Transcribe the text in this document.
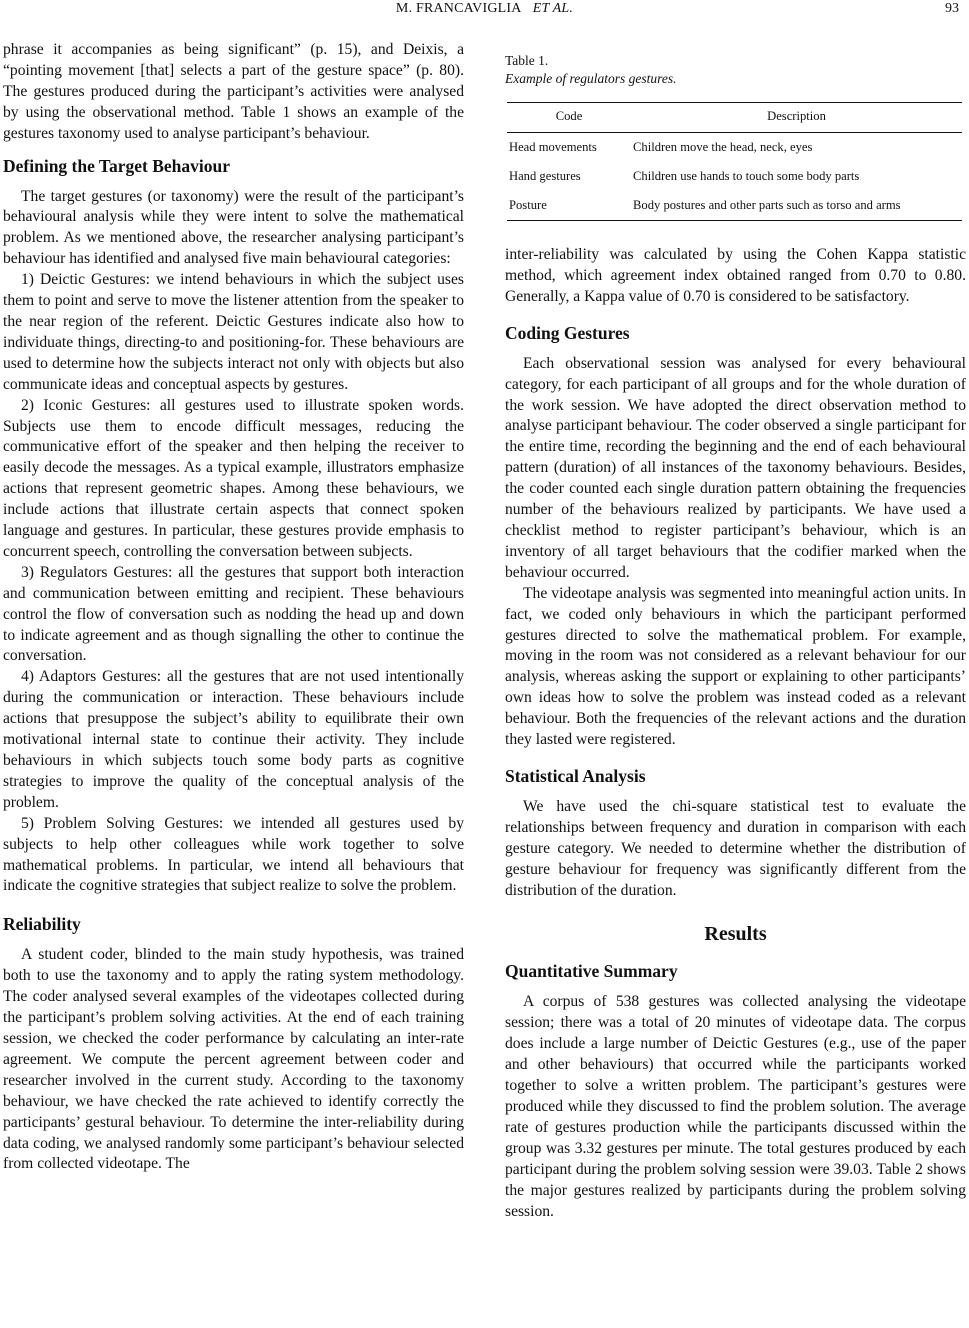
M. FRANCAVIGLIA ET AL.	93

phrase it accompanies as being significant” (p. 15), and Deixis, a “pointing movement [that] selects a part of the gesture space” (p. 80). The gestures produced during the participant’s activities were analysed by using the observational method. Table 1 shows an example of the gestures taxonomy used to analyse participant’s behaviour.

Defining the Target Behaviour

The target gestures (or taxonomy) were the result of the participant’s behavioural analysis while they were intent to solve the mathematical problem. As we mentioned above, the researcher analysing participant’s behaviour has identified and analysed five main behavioural categories:

1) Deictic Gestures: we intend behaviours in which the subject uses them to point and serve to move the listener attention from the speaker to the near region of the referent. Deictic Gestures indicate also how to individuate things, directing-to and positioning-for. These behaviours are used to determine how the subjects interact not only with objects but also communicate ideas and conceptual aspects by gestures.

2) Iconic Gestures: all gestures used to illustrate spoken words. Subjects use them to encode difficult messages, reducing the communicative effort of the speaker and then helping the receiver to easily decode the messages. As a typical example, illustrators emphasize actions that represent geometric shapes. Among these behaviours, we include actions that illustrate certain aspects that connect spoken language and gestures. In particular, these gestures provide emphasis to concurrent speech, controlling the conversation between subjects.

3) Regulators Gestures: all the gestures that support both interaction and communication between emitting and recipient. These behaviours control the flow of conversation such as nodding the head up and down to indicate agreement and as though signalling the other to continue the conversation.

4) Adaptors Gestures: all the gestures that are not used intentionally during the communication or interaction. These behaviours include actions that presuppose the subject’s ability to equilibrate their own motivational internal state to continue their activity. They include behaviours in which subjects touch some body parts as cognitive strategies to improve the quality of the conceptual analysis of the problem.

5) Problem Solving Gestures: we intended all gestures used by subjects to help other colleagues while work together to solve mathematical problems. In particular, we intend all behaviours that indicate the cognitive strategies that subject realize to solve the problem.

Reliability

A student coder, blinded to the main study hypothesis, was trained both to use the taxonomy and to apply the rating system methodology. The coder analysed several examples of the videotapes collected during the participant’s problem solving activities. At the end of each training session, we checked the coder performance by calculating an inter-rate agreement. We compute the percent agreement between coder and researcher involved in the current study. According to the taxonomy behaviour, we have checked the rate achieved to identify correctly the participants’ gestural behaviour. To determine the inter-reliability during data coding, we analysed randomly some participant’s behaviour selected from collected videotape. The

Table 1.
Example of regulators gestures.
Code	Description
Head movements	Children move the head, neck, eyes
Hand gestures	Children use hands to touch some body parts
Posture	Body postures and other parts such as torso and arms

inter-reliability was calculated by using the Cohen Kappa statistic method, which agreement index obtained ranged from 0.70 to 0.80. Generally, a Kappa value of 0.70 is considered to be satisfactory.

Coding Gestures

Each observational session was analysed for every behavioural category, for each participant of all groups and for the whole duration of the work session. We have adopted the direct observation method to analyse participant behaviour. The coder observed a single participant for the entire time, recording the beginning and the end of each behavioural pattern (duration) of all instances of the taxonomy behaviours. Besides, the coder counted each single duration pattern obtaining the frequencies number of the behaviours realized by participants. We have used a checklist method to register participant’s behaviour, which is an inventory of all target behaviours that the codifier marked when the behaviour occurred.

The videotape analysis was segmented into meaningful action units. In fact, we coded only behaviours in which the participant performed gestures directed to solve the mathematical problem. For example, moving in the room was not considered as a relevant behaviour for our analysis, whereas asking the support or explaining to other participants’ own ideas how to solve the problem was instead coded as a relevant behaviour. Both the frequencies of the relevant actions and the duration they lasted were registered.

Statistical Analysis

We have used the chi-square statistical test to evaluate the relationships between frequency and duration in comparison with each gesture category. We needed to determine whether the distribution of gesture behaviour for frequency was significantly different from the distribution of the duration.

Results
Quantitative Summary

A corpus of 538 gestures was collected analysing the videotape session; there was a total of 20 minutes of videotape data. The corpus does include a large number of Deictic Gestures (e.g., use of the paper and other behaviours) that occurred while the participants worked together to solve a written problem. The participant’s gestures were produced while they discussed to find the problem solution. The average rate of gestures production while the participants discussed within the group was 3.32 gestures per minute. The total gestures produced by each participant during the problem solving session were 39.03. Table 2 shows the major gestures realized by participants during the problem solving session.
